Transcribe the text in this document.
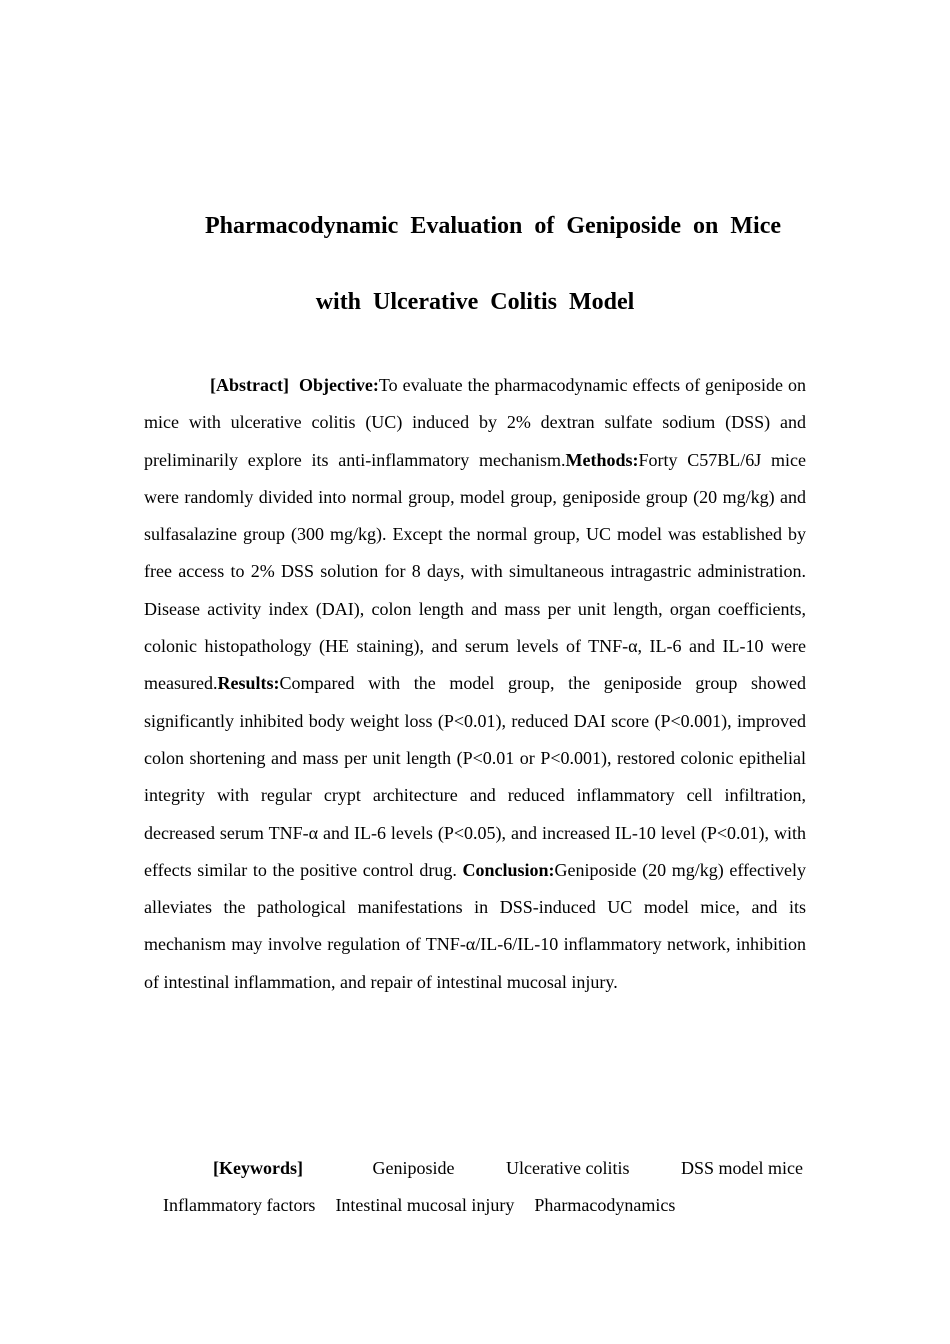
Pharmacodynamic Evaluation of Geniposide on Mice
with Ulcerative Colitis Model

[Abstract] Objective:To evaluate the pharmacodynamic effects of geniposide on mice with ulcerative colitis (UC) induced by 2% dextran sulfate sodium (DSS) and preliminarily explore its anti-inflammatory mechanism.Methods:Forty C57BL/6J mice were randomly divided into normal group, model group, geniposide group (20 mg/kg) and sulfasalazine group (300 mg/kg). Except the normal group, UC model was established by free access to 2% DSS solution for 8 days, with simultaneous intragastric administration. Disease activity index (DAI), colon length and mass per unit length, organ coefficients, colonic histopathology (HE staining), and serum levels of TNF-α, IL-6 and IL-10 were measured.Results:Compared with the model group, the geniposide group showed significantly inhibited body weight loss (P<0.01), reduced DAI score (P<0.001), improved colon shortening and mass per unit length (P<0.01 or P<0.001), restored colonic epithelial integrity with regular crypt architecture and reduced inflammatory cell infiltration, decreased serum TNF-α and IL-6 levels (P<0.05), and increased IL-10 level (P<0.01), with effects similar to the positive control drug. Conclusion:Geniposide (20 mg/kg) effectively alleviates the pathological manifestations in DSS-induced UC model mice, and its mechanism may involve regulation of TNF-α/IL-6/IL-10 inflammatory network, inhibition of intestinal inflammation, and repair of intestinal mucosal injury.

[Keywords]	Geniposide	Ulcerative colitis	DSS model mice
Inflammatory factors Intestinal mucosal injury Pharmacodynamics
